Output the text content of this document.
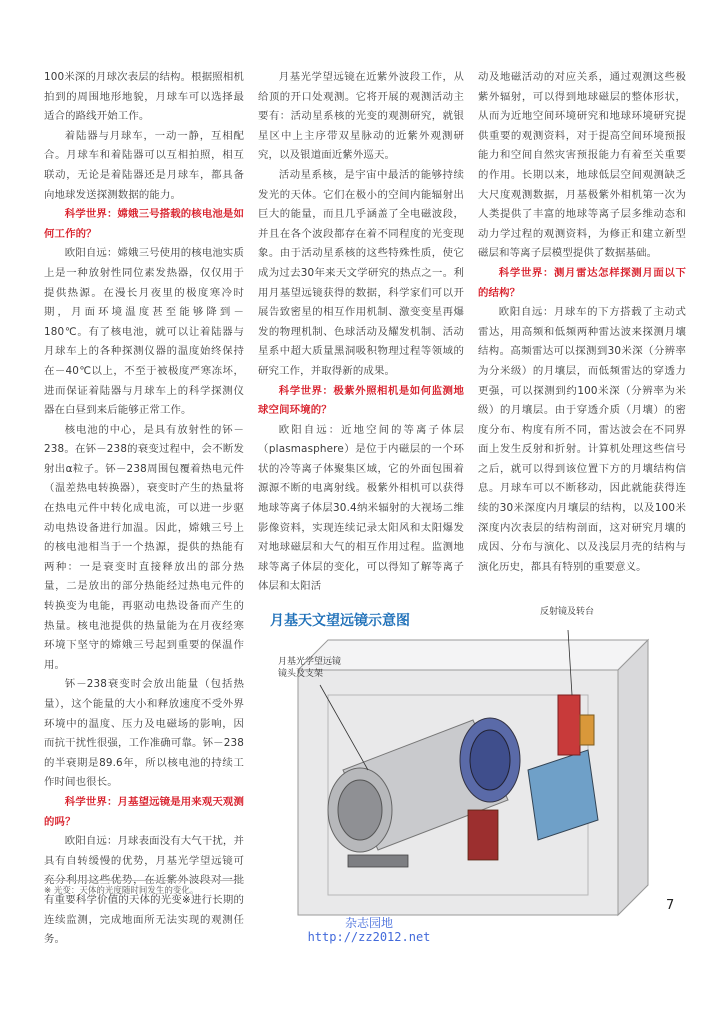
100米深的月球次表层的结构。根据照相机拍到的周围地形地貌，月球车可以选择最适合的路线开始工作。

着陆器与月球车，一动一静，互相配合。月球车和着陆器可以互相拍照，相互联动，无论是着陆器还是月球车，都具备向地球发送探测数据的能力。

科学世界：嫦娥三号搭载的核电池是如何工作的？

欧阳自远：嫦娥三号使用的核电池实质上是一种放射性同位素发热器，仅仅用于提供热源。在漫长月夜里的极度寒冷时期，月面环境温度甚至能够降到－180℃。有了核电池，就可以让着陆器与月球车上的各种探测仪器的温度始终保持在－40℃以上，不至于被极度严寒冻坏，进而保证着陆器与月球车上的科学探测仪器在白昼到来后能够正常工作。

核电池的中心，是具有放射性的钚－238。在钚－238的衰变过程中，会不断发射出α粒子。钚－238周围包覆着热电元件（温差热电转换器），衰变时产生的热量将在热电元件中转化成电流，可以进一步驱动电热设备进行加温。因此，嫦娥三号上的核电池相当于一个热源，提供的热能有两种：一是衰变时直接释放出的部分热量，二是放出的部分热能经过热电元件的转换变为电能，再驱动电热设备而产生的热量。核电池提供的热量能为在月夜经寒环境下坚守的嫦娥三号起到重要的保温作用。

钚－238衰变时会放出能量（包括热量），这个能量的大小和释放速度不受外界环境中的温度、压力及电磁场的影响，因而抗干扰性很强，工作准确可靠。钚－238的半衰期是89.6年，所以核电池的持续工作时间也很长。

科学世界：月基望远镜是用来观天观测的吗？

欧阳自远：月球表面没有大气干扰，并具有自转缓慢的优势，月基光学望远镜可充分利用这些优势，在近紫外波段对一批有重要科学价值的天体的光变※进行长期的连续监测，完成地面所无法实现的观测任务。

※ 光变：天体的光度随时间发生的变化。

月基光学望远镜在近紫外波段工作，从给顶的开口处观测。它将开展的观测活动主要有：活动星系核的光变的观测研究，就银星区中上主序带双星脉动的近紫外观测研究，以及银道面近紫外巡天。

活动星系核，是宇宙中最活的能够持续发光的天体。它们在极小的空间内能辐射出巨大的能量，而且几乎涵盖了全电磁波段，并且在各个波段都存在着不同程度的光变现象。由于活动星系核的这些特殊性质，使它成为过去30年来天文学研究的热点之一。利用月基望远镜获得的数据，科学家们可以开展告致密星的相互作用机制、激变变星再爆发的物理机制、色球活动及耀发机制、活动星系中超大质量黑洞吸积物理过程等领域的研究工作，并取得新的成果。

科学世界：极紫外照相机是如何监测地球空间环境的？

欧阳自远：近地空间的等离子体层（plasmasphere）是位于内磁层的一个环状的冷等离子体聚集区域，它的外面包围着源源不断的电离射线。极紫外相机可以获得地球等离子体层30.4纳米辐射的大视场二维影像资料，实现连续记录太阳风和太阳爆发对地球磁层和大气的相互作用过程。监测地球等离子体层的变化，可以得知了解等离子体层和太阳活

动及地磁活动的对应关系，通过观测这些极紫外辐射，可以得到地球磁层的整体形状，从而为近地空间环境研究和地球环境研究提供重要的观测资料，对于提高空间环境预报能力和空间自然灾害预报能力有着至关重要的作用。长期以来，地球低层空间观测缺乏大尺度观测数据，月基极紫外相机第一次为人类提供了丰富的地球等离子层多维动态和动力学过程的观测资料，为修正和建立新型磁层和等离子层模型提供了数据基础。

科学世界：测月雷达怎样探测月面以下的结构？

欧阳自远：月球车的下方搭载了主动式雷达，用高频和低频两种雷达波来探测月壤结构。高频雷达可以探测到30米深（分辨率为分米级）的月壤层，而低频雷达的穿透力更强，可以探测到约100米深（分辨率为米级）的月壤层。由于穿透介质（月壤）的密度分布、构度有所不同，雷达波会在不同界面上发生反射和折射。计算机处理这些信号之后，就可以得到该位置下方的月壤结构信息。月球车可以不断移动，因此就能获得连续的30米深度内月壤层的结构，以及100米深度内次表层的结构剖面，这对研究月壤的成因、分布与演化、以及浅层月壳的结构与演化历史，都具有特别的重要意义。

月基天文望远镜示意图
反射镜及转台
月基光学望远镜
镜头及支架
7
杂志园地
http://zz2012.net
